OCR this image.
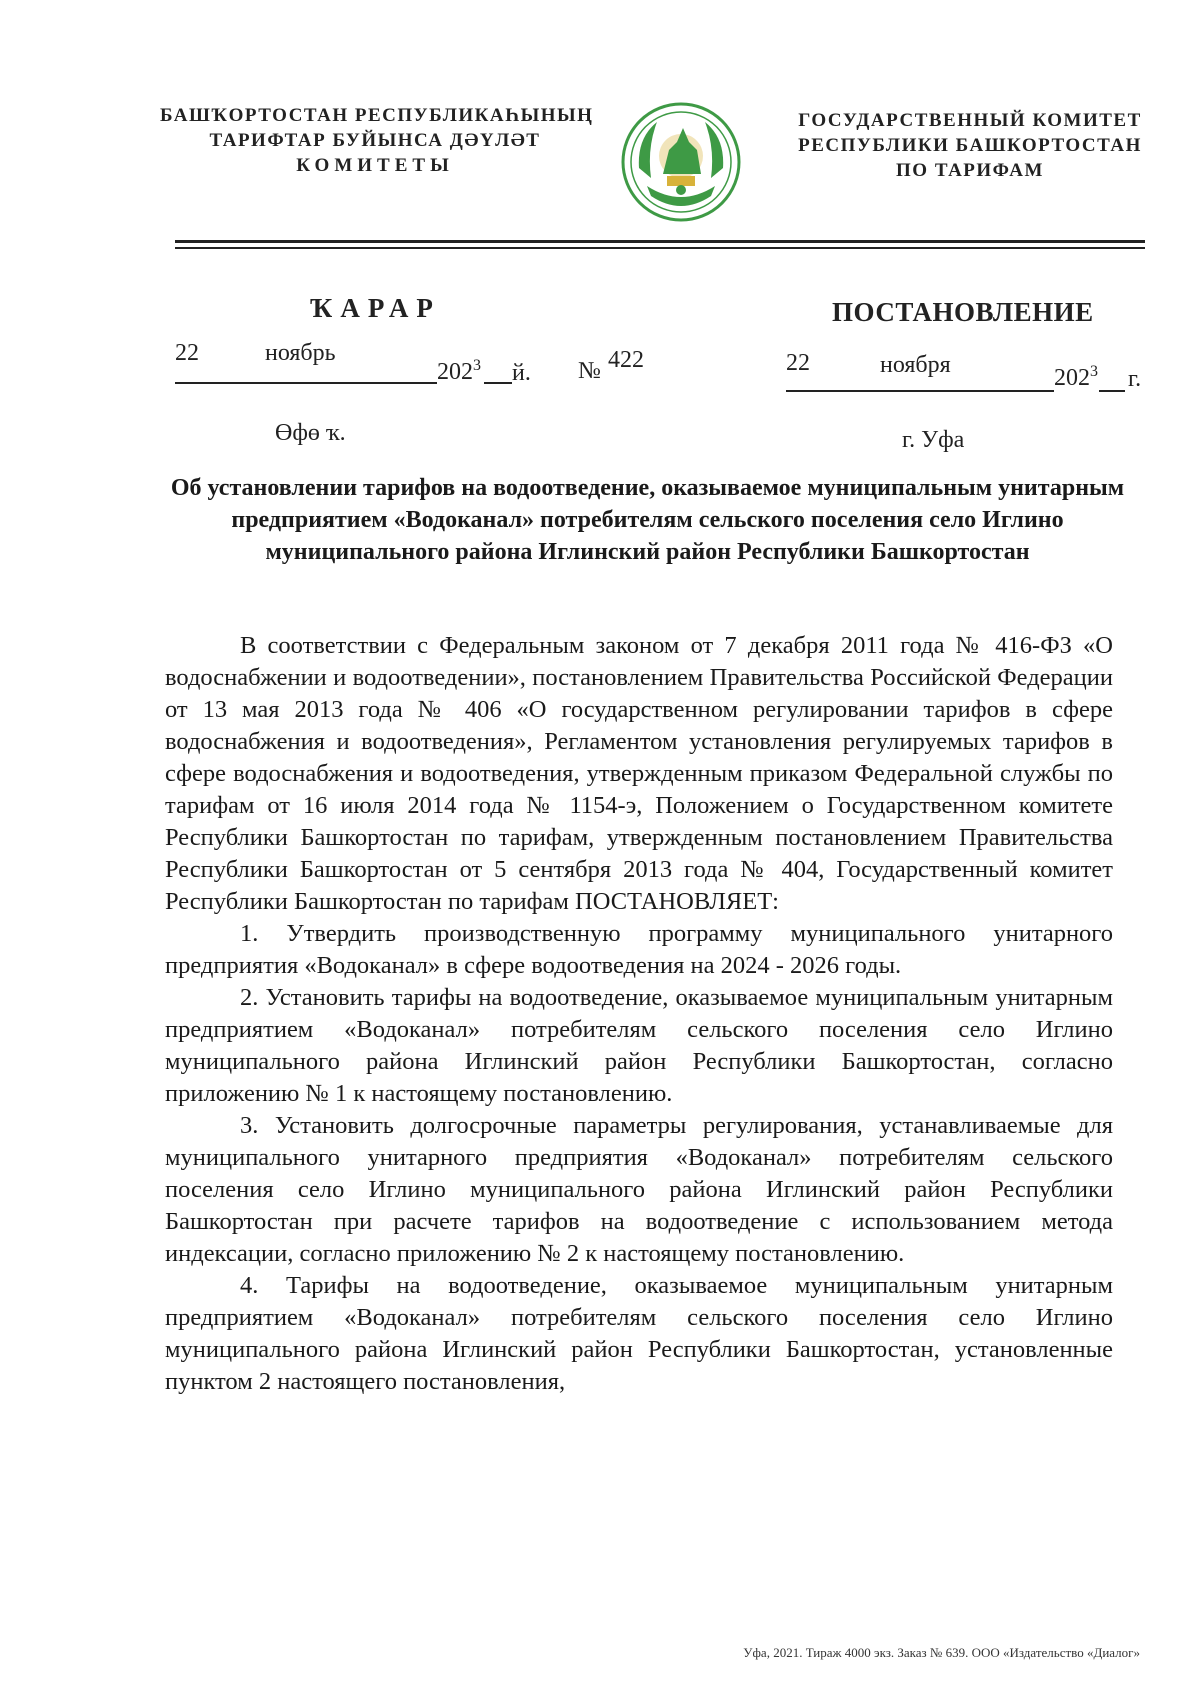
БАШҠОРТОСТАН РЕСПУБЛИКАҺЫНЫҢ
ТАРИФТАР БУЙЫНСА ДӘҮЛӘТ
КОМИТЕТЫ
ГОСУДАРСТВЕННЫЙ КОМИТЕТ
РЕСПУБЛИКИ БАШКОРТОСТАН
ПО ТАРИФАМ
ҠАРАР
22	ноябрь
$202^3$ й. № 422
ПОСТАНОВЛЕНИЕ
22	ноября	$202^3$ г.
Өфө ҡ.	г. Уфа
Об установлении тарифов на водоотведение, оказываемое муниципальным унитарным предприятием «Водоканал» потребителям сельского поселения село Иглино муниципального района Иглинский район Республики Башкортостан

В соответствии с Федеральным законом от 7 декабря 2011 года № 416-ФЗ «О водоснабжении и водоотведении», постановлением Правительства Российской Федерации от 13 мая 2013 года № 406 «О государственном регулировании тарифов в сфере водоснабжения и водоотведения», Регламентом установления регулируемых тарифов в сфере водоснабжения и водоотведения, утвержденным приказом Федеральной службы по тарифам от 16 июля 2014 года № 1154-э, Положением о Государственном комитете Республики Башкортостан по тарифам, утвержденным постановлением Правительства Республики Башкортостан от 5 сентября 2013 года № 404, Государственный комитет Республики Башкортостан по тарифам ПОСТАНОВЛЯЕТ:

1. Утвердить производственную программу муниципального унитарного предприятия «Водоканал» в сфере водоотведения на 2024 - 2026 годы.

2. Установить тарифы на водоотведение, оказываемое муниципальным унитарным предприятием «Водоканал» потребителям сельского поселения село Иглино муниципального района Иглинский район Республики Башкортостан, согласно приложению № 1 к настоящему постановлению.

3. Установить долгосрочные параметры регулирования, устанавливаемые для муниципального унитарного предприятия «Водоканал» потребителям сельского поселения село Иглино муниципального района Иглинский район Республики Башкортостан при расчете тарифов на водоотведение с использованием метода индексации, согласно приложению № 2 к настоящему постановлению.

4. Тарифы на водоотведение, оказываемое муниципальным унитарным предприятием «Водоканал» потребителям сельского поселения село Иглино муниципального района Иглинский район Республики Башкортостан, установленные пунктом 2 настоящего постановления,

Уфа, 2021. Тираж 4000 экз. Заказ № 639. ООО «Издательство «Диалог»
